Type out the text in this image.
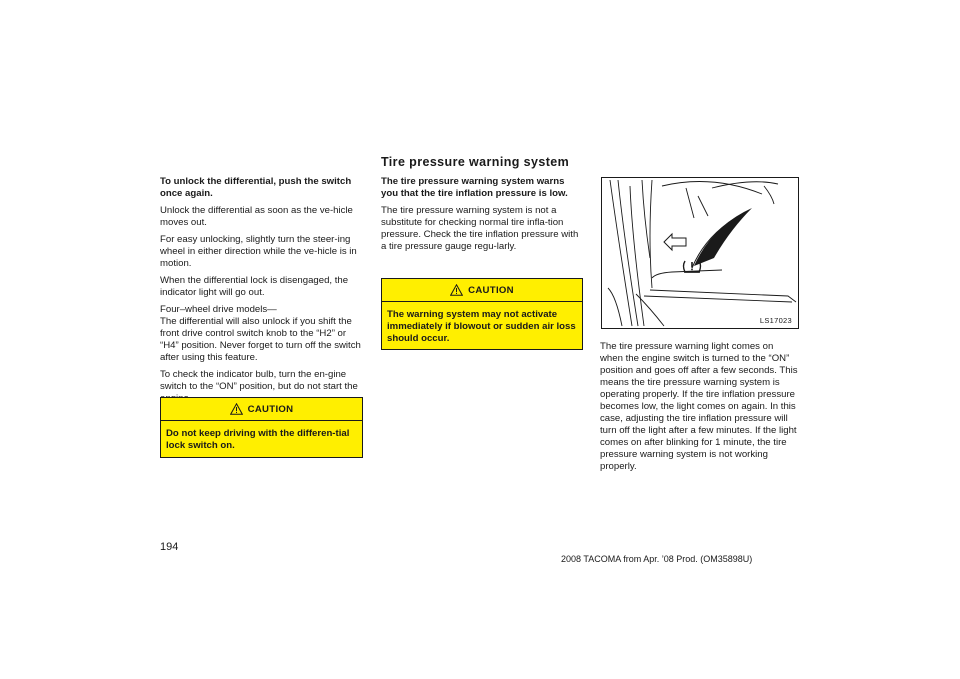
Tire pressure warning system

To unlock the differential, push the switch once again.

Unlock the differential as soon as the ve-hicle moves out.

For easy unlocking, slightly turn the steer-ing wheel in either direction while the ve-hicle is in motion.

When the differential lock is disengaged, the indicator light will go out.

Four–wheel drive models—
The differential will also unlock if you shift the front drive control switch knob to the “H2” or “H4” position. Never forget to turn off the switch after using this feature.

To check the indicator bulb, turn the en-gine switch to the “ON” position, but do not start the

CAUTION
Do not keep driving with the differen-tial lock switch on.

The tire pressure warning system warns you that the tire inflation pressure is low.

The tire pressure warning system is not a substitute for checking normal tire infla-tion pressure. Check the tire inflation pressure with a tire pressure gauge regu-larly.

CAUTION
The warning system may not activate immediately if blowout or sudden air loss should occur.
LS17023

The tire pressure warning light comes on when the engine switch is turned to the “ON” position and goes off after a few seconds. This means the tire pressure warning system is operating properly. If the tire inflation pressure becomes low, the light comes on again. In this case, adjusting the tire inflation pressure will turn off the light after a few minutes. If the light comes on after blinking for 1 minute, the tire pressure warning system is not working properly.

194
2008 TACOMA from Apr. ’08 Prod. (OM35898U)
